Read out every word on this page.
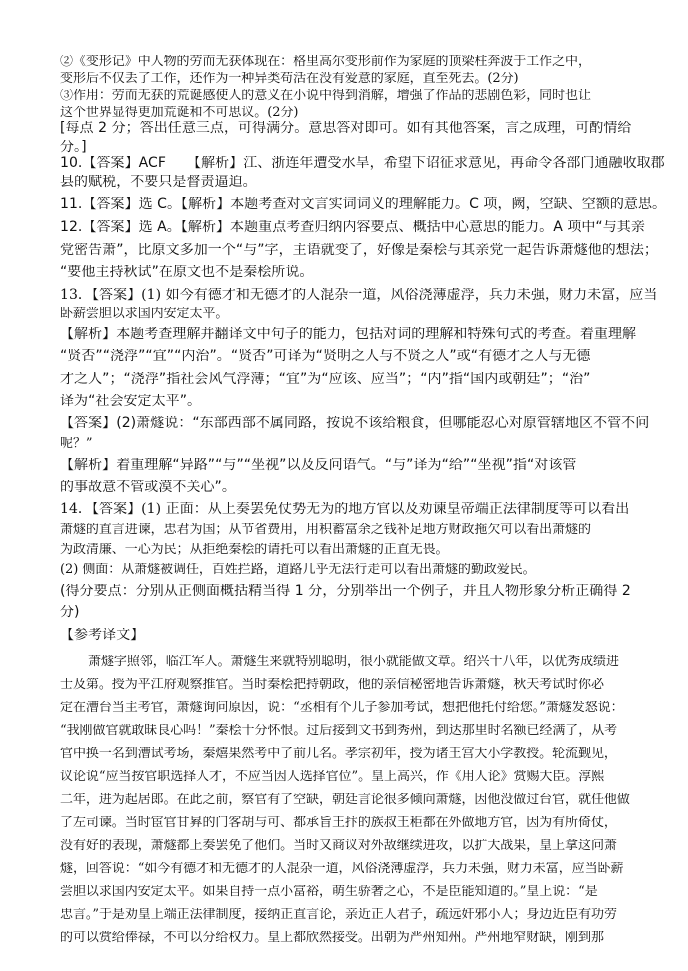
②《变形记》中人物的劳而无获体现在：格里高尔变形前作为家庭的顶梁柱奔波于工作之中，

变形后不仅丢了工作，还作为一种异类苟活在没有爱意的家庭，直至死去。(2分)

③作用：劳而无获的荒诞感使人的意义在小说中得到消解，增强了作品的悲剧色彩，同时也让

这个世界显得更加荒诞和不可思议。(2分)

[每点 2 分；答出任意三点，可得满分。意思答对即可。如有其他答案，言之成理，可酌情给

分。]

10.【答案】ACF　　【解析】江、浙连年遭受水旱，希望下诏征求意见，再命令各部门通融收取郡

县的赋税，不要只是督责逼迫。

11.【答案】选 C。【解析】本题考查对文言实词词义的理解能力。C 项，阙，空缺、空额的意思。

12.【答案】选 A。【解析】本题重点考查归纳内容要点、概括中心意思的能力。A 项中“与其亲

党密告萧”，比原文多加一个“与”字，主语就变了，好像是秦桧与其亲党一起告诉萧燧他的想法；

“要他主持秋试”在原文也不是秦桧所说。

13．【答案】(1) 如今有德才和无德才的人混杂一道，风俗浇薄虚浮，兵力未强，财力未富，应当

卧薪尝胆以求国内安定太平。

【解析】本题考查理解并翻译文中句子的能力，包括对词的理解和特殊句式的考查。着重理解

“贤否”“浇浮”“宜”“内治”。“贤否”可译为“贤明之人与不贤之人”或“有德才之人与无德

才之人”；“浇浮”指社会风气浮薄；“宜”为“应该、应当”；“内”指“国内或朝廷”；“治”

译为“社会安定太平”。

【答案】(2)萧燧说：“东部西部不属同路，按说不该给粮食，但哪能忍心对原管辖地区不管不问

呢？”

【解析】着重理解“异路”“与”“坐视”以及反问语气。“与”译为“给”“坐视”指“对该管

的事故意不管或漠不关心”。

14．【答案】(1) 正面：从上奏罢免仗势无为的地方官以及劝谏皇帝端正法律制度等可以看出

萧燧的直言进谏，忠君为国；从节省费用，用积蓄富余之钱补足地方财政拖欠可以看出萧燧的

为政清廉、一心为民；从拒绝秦桧的请托可以看出萧燧的正直无畏。

(2) 侧面：从萧燧被调任，百姓拦路，道路几乎无法行走可以看出萧燧的勤政爱民。

(得分要点：分别从正侧面概括精当得 1 分，分别举出一个例子，并且人物形象分析正确得 2

分)

【参考译文】

萧燧字照邻，临江军人。萧燧生来就特别聪明，很小就能做文章。绍兴十八年，以优秀成绩进

士及第。授为平江府观察推官。当时秦桧把持朝政，他的亲信秘密地告诉萧燧，秋天考试时你必

定在漕台当主考官，萧燧询问原因，说：“丞相有个儿子参加考试，想把他托付给您。”萧燧发怒说：

“我刚做官就敢昧良心吗！”秦桧十分怀恨。过后接到文书到秀州，到达那里时名额已经满了，从考

官中换一名到漕试考场，秦熺果然考中了前几名。孝宗初年，授为诸王宫大小学教授。轮流觐见，

议论说“应当按官职选择人才，不应当因人选择官位”。皇上高兴，作《用人论》赏赐大臣。淳熙

二年，进为起居郎。在此之前，察官有了空缺，朝廷言论很多倾向萧燧，因他没做过台官，就任他做

了左司谏。当时宦官甘昪的门客胡与可、都承旨王抃的族叔王秬都在外做地方官，因为有所倚仗，

没有好的表现，萧燧都上奏罢免了他们。当时又商议对外敌继续进攻，以扩大战果，皇上拿这问萧

燧，回答说：“如今有德才和无德才的人混杂一道，风俗浇薄虚浮，兵力未强，财力未富，应当卧薪

尝胆以求国内安定太平。如果自持一点小富裕，萌生骄奢之心，不是臣能知道的。”皇上说：“是

忠言。”于是劝皇上端正法律制度，接纳正直言论，亲近正人君子，疏远奸邪小人；身边近臣有功劳

的可以赏给俸禄，不可以分给权力。皇上都欣然接受。出朝为严州知州。严州地窄财缺，刚到那
